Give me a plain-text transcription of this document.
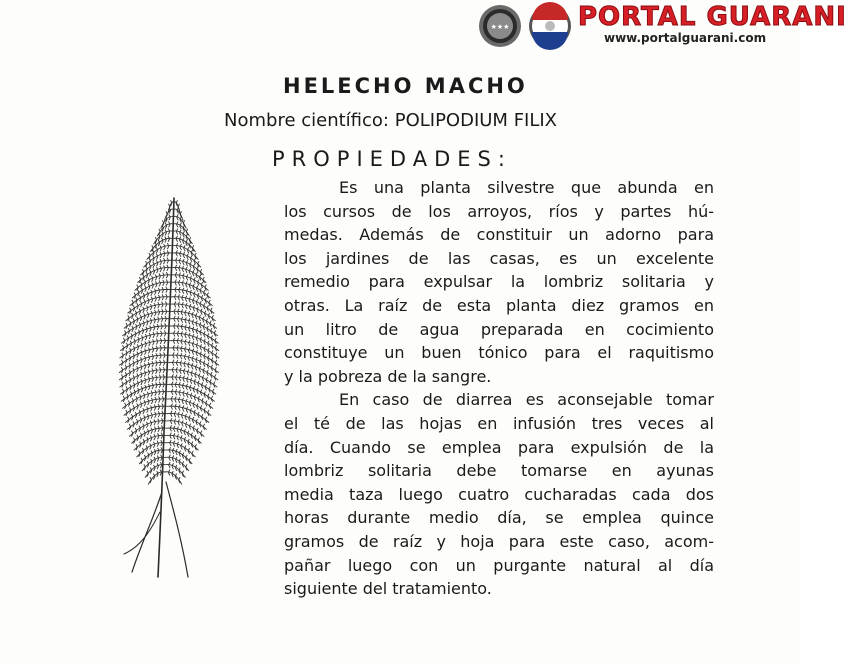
★★★	PORTAL GUARANI
www.portalguarani.com
HELECHO MACHO
Nombre científico: POLIPODIUM FILIX
PROPIEDADES:
Es una planta silvestre que abunda en
los cursos de los arroyos, ríos y partes hú-
medas. Además de constituir un adorno para
los jardines de las casas, es un excelente
remedio para expulsar la lombriz solitaria y
otras. La raíz de esta planta diez gramos en
un litro de agua preparada en cocimiento
constituye un buen tónico para el raquitismo
y la pobreza de la sangre.
En caso de diarrea es aconsejable tomar
el té de las hojas en infusión tres veces al
día. Cuando se emplea para expulsión de la
lombriz solitaria debe tomarse en ayunas
media taza luego cuatro cucharadas cada dos
horas durante medio día, se emplea quince
gramos de raíz y hoja para este caso, acom-
pañar luego con un purgante natural al día
siguiente del tratamiento.
